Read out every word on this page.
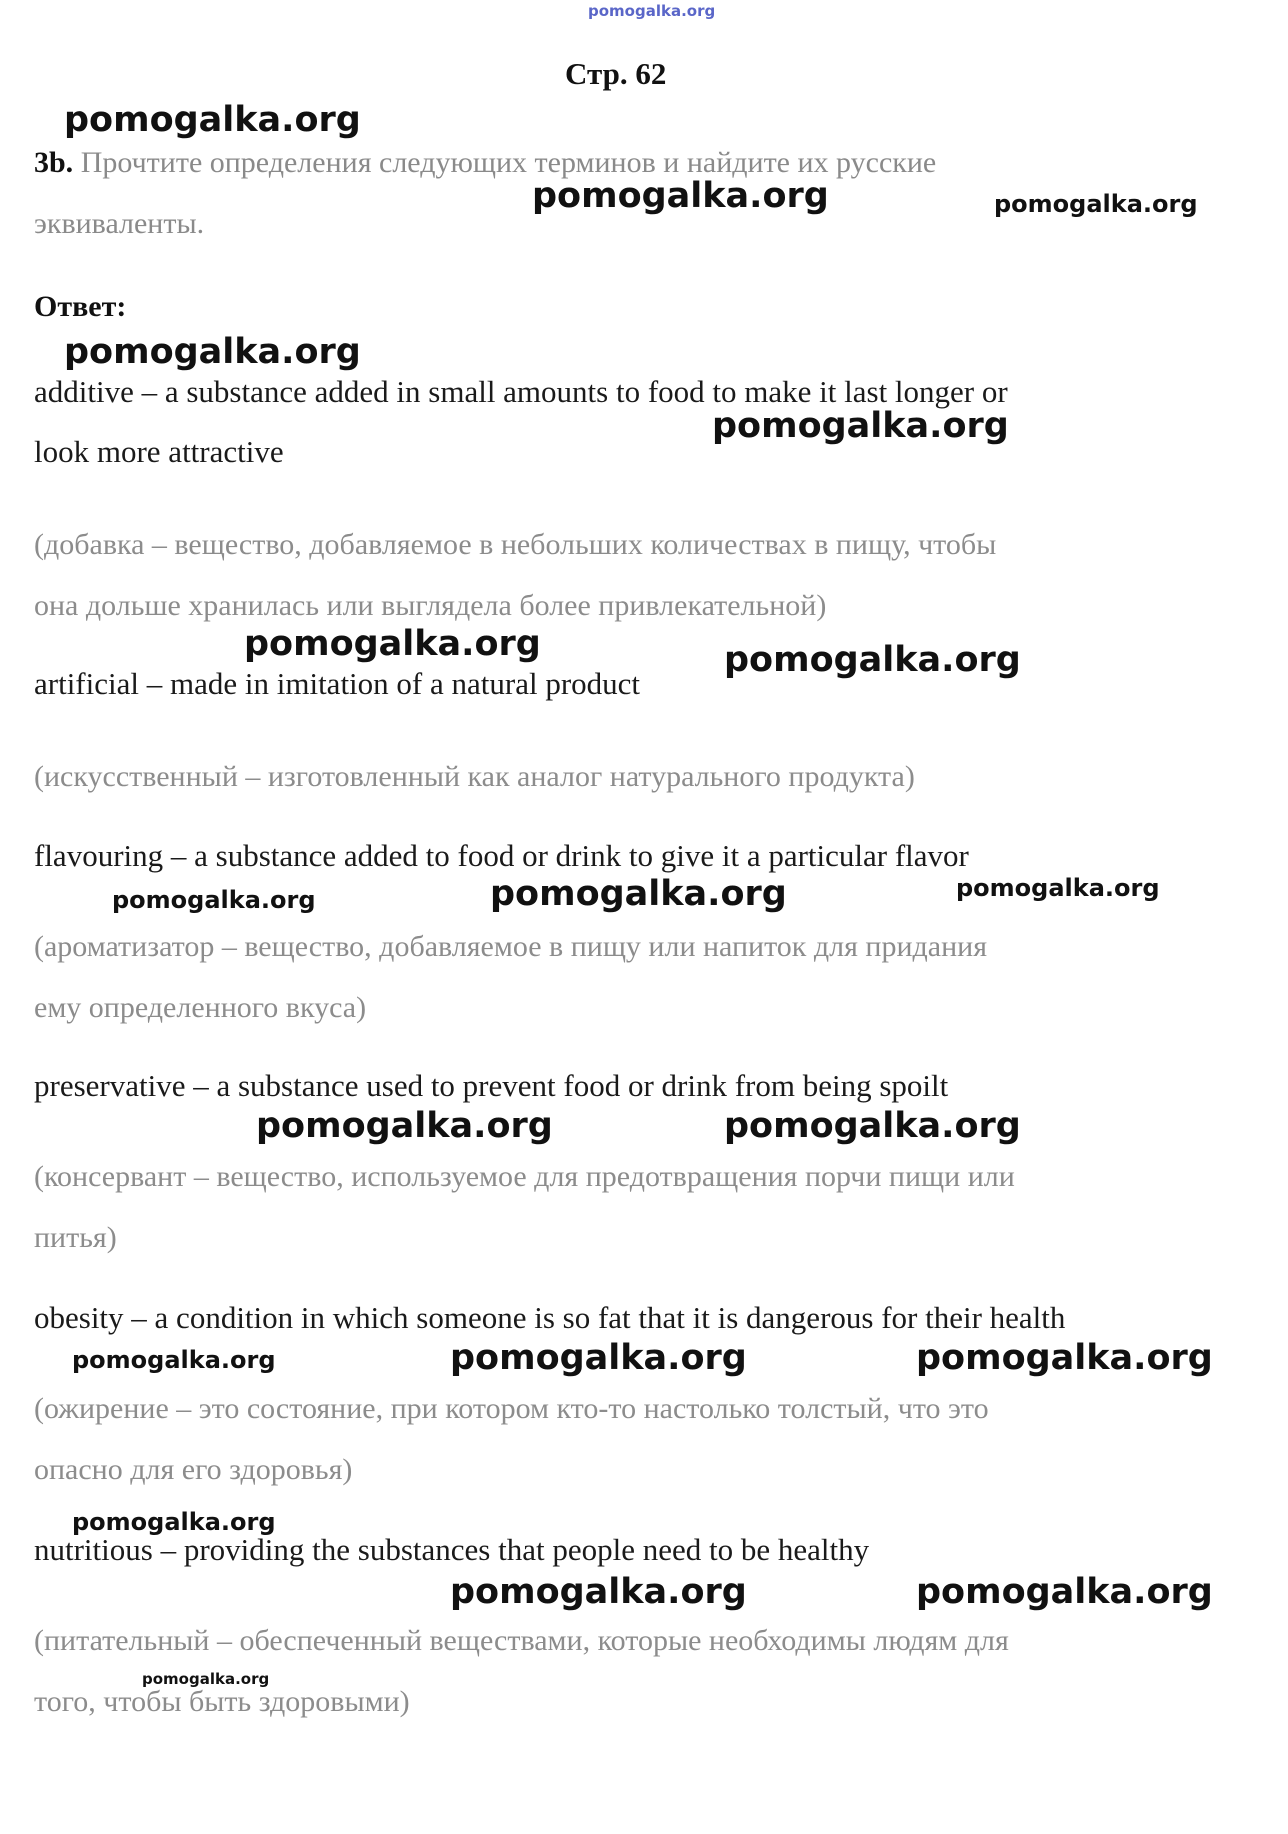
pomogalka.org
Стр. 62
3b. Прочтите определения следующих терминов и найдите их русские
эквиваленты.
Ответ:
additive – a substance added in small amounts to food to make it last longer or
look more attractive
(добавка – вещество, добавляемое в небольших количествах в пищу, чтобы
она дольше хранилась или выглядела более привлекательной)
artificial – made in imitation of a natural product
(искусственный – изготовленный как аналог натурального продукта)
flavouring – a substance added to food or drink to give it a particular flavor
(ароматизатор – вещество, добавляемое в пищу или напиток для придания
ему определенного вкуса)
preservative – a substance used to prevent food or drink from being spoilt
(консервант – вещество, используемое для предотвращения порчи пищи или
питья)
obesity – a condition in which someone is so fat that it is dangerous for their health
(ожирение – это состояние, при котором кто-то настолько толстый, что это
опасно для его здоровья)
nutritious – providing the substances that people need to be healthy
(питательный – обеспеченный веществами, которые необходимы людям для
того, чтобы быть здоровыми)
pomogalka.org
pomogalka.org	pomogalka.org
pomogalka.org
pomogalka.org
pomogalka.org	pomogalka.org
pomogalka.org	pomogalka.org	pomogalka.org
pomogalka.org	pomogalka.org
pomogalka.org	pomogalka.org	pomogalka.org
pomogalka.org
pomogalka.org	pomogalka.org
pomogalka.org
